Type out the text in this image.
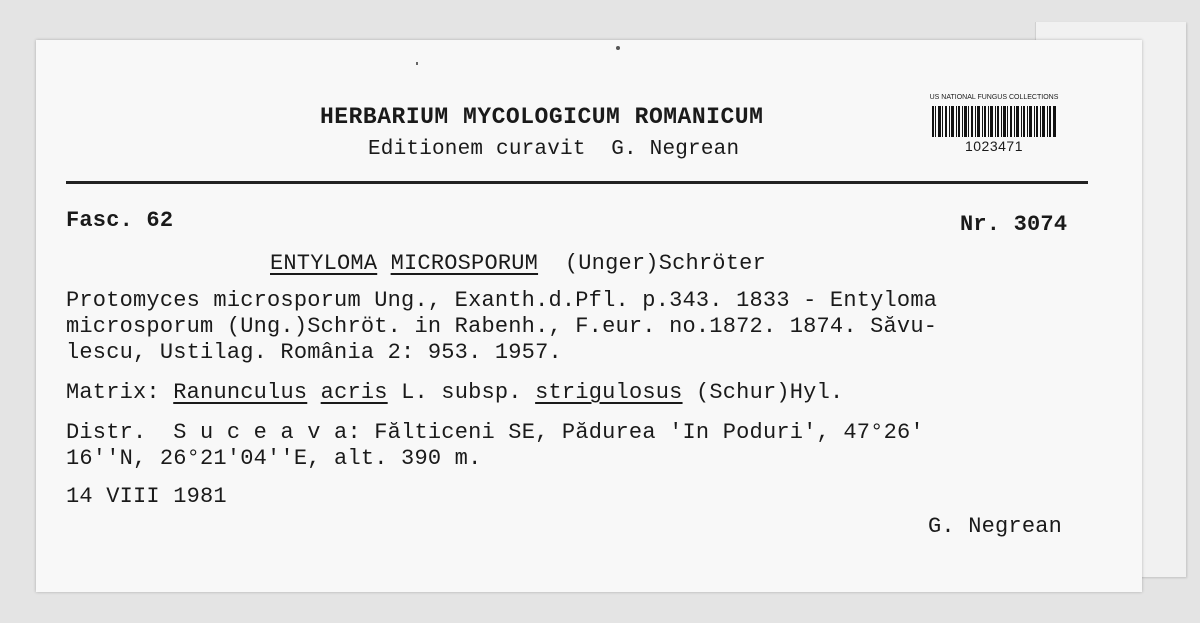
HERBARIUM MYCOLOGICUM ROMANICUM
Editionem curavit  G. Negrean
US NATIONAL FUNGUS COLLECTIONS
1023471
Fasc. 62	Nr. 3074
ENTYLOMA MICROSPORUM (Unger)Schröter
Protomyces microsporum Ung., Exanth.d.Pfl. p.343. 1833 - Entyloma
microsporum (Ung.)Schröt. in Rabenh., F.eur. no.1872. 1874. Săvu-
lescu, Ustilag. România 2: 953. 1957.
Matrix: Ranunculus acris L. subsp. strigulosus (Schur)Hyl.
Distr. S u c e a v a: Fălticeni SE, Pădurea 'In Poduri', 47°26'
16''N, 26°21'04''E, alt. 390 m.
14 VIII 1981
G. Negrean
